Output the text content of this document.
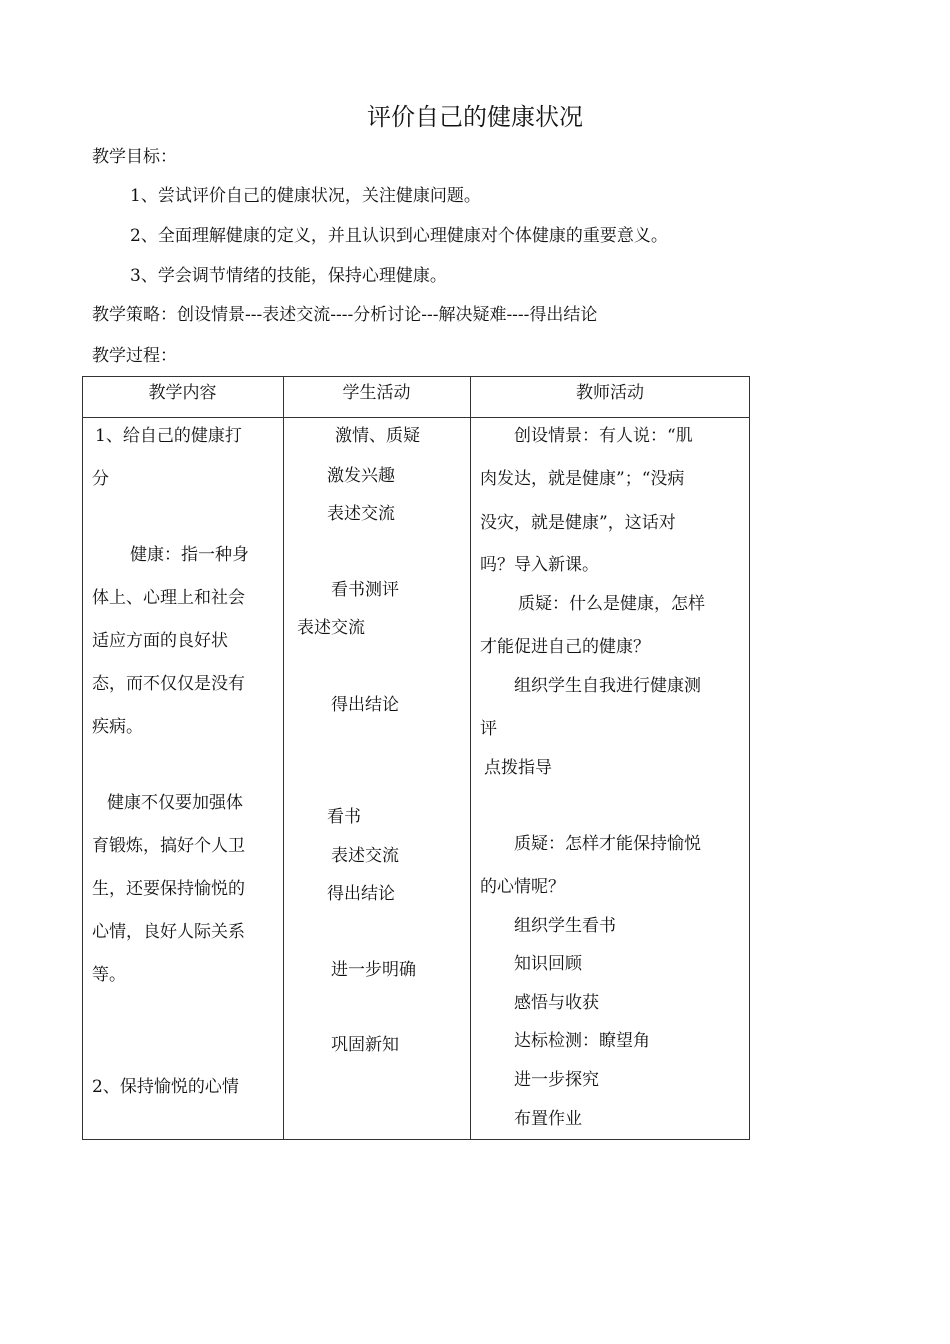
评价自己的健康状况
教学目标：
1、尝试评价自己的健康状况，关注健康问题。
2、全面理解健康的定义，并且认识到心理健康对个体健康的重要意义。
3、学会调节情绪的技能，保持心理健康。
教学策略：创设情景---表述交流----分析讨论---解决疑难----得出结论
教学过程：
教学内容	学生活动	教师活动
1、给自己的健康打
分
健康：指一种身
体上、心理上和社会
适应方面的良好状
态，而不仅仅是没有
疾病。
健康不仅要加强体
育锻炼，搞好个人卫
生，还要保持愉悦的
心情，良好人际关系
等。
2、保持愉悦的心情
激情、质疑
激发兴趣
表述交流
看书测评
表述交流
得出结论
看书
表述交流
得出结论
进一步明确
巩固新知
创设情景：有人说：“肌
肉发达，就是健康”；“没病
没灾，就是健康”，这话对
吗？导入新课。
质疑：什么是健康，怎样
才能促进自己的健康？
组织学生自我进行健康测
评
点拨指导
质疑：怎样才能保持愉悦
的心情呢？
组织学生看书
知识回顾
感悟与收获
达标检测：瞭望角
进一步探究
布置作业
